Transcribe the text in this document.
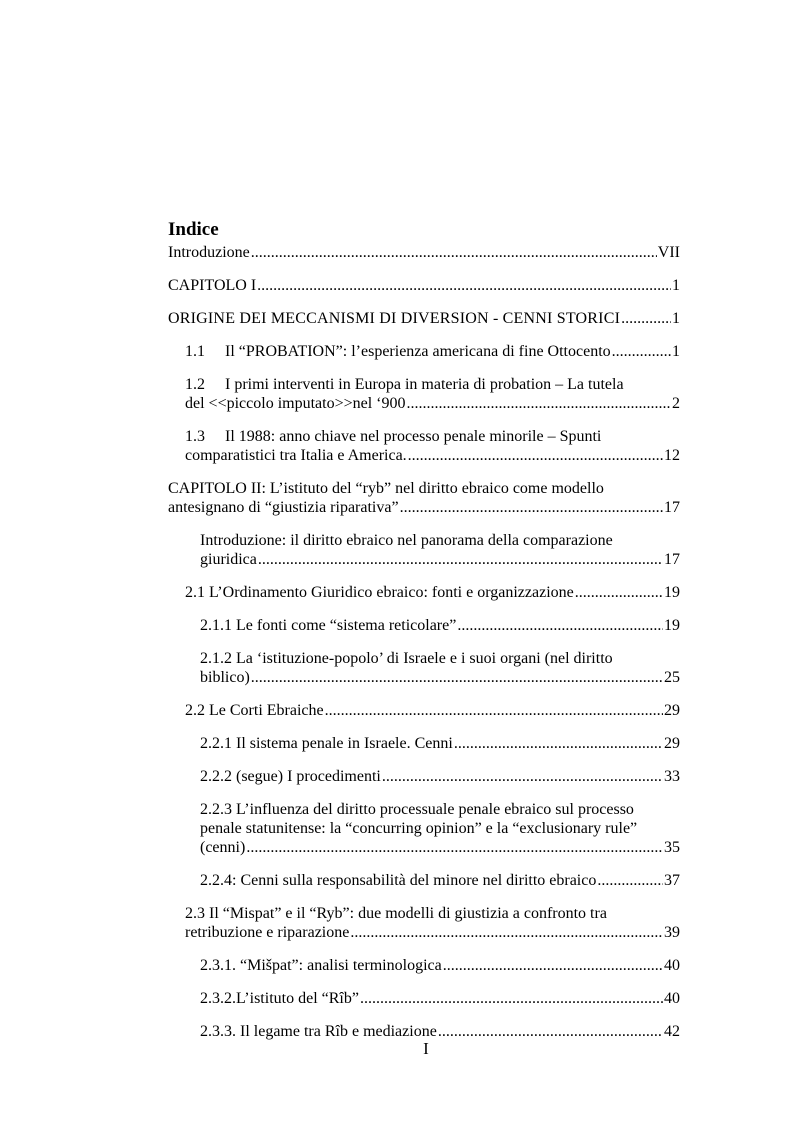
Indice
Introduzione .....	VII
CAPITOLO I .....	1
ORIGINE DEI MECCANISMI DI DIVERSION - CENNI STORICI .....	1
1.1 Il “PROBATION”: l’esperienza americana di fine Ottocento .....	1
1.2 I primi interventi in Europa in materia di probation – La tutela
del <<piccolo imputato>>nel ‘900 .....	2
1.3 Il 1988: anno chiave nel processo penale minorile – Spunti
comparatistici tra Italia e America. .....	12
CAPITOLO II: L’istituto del “ryb” nel diritto ebraico come modello
antesignano di “giustizia riparativa” .....	17
Introduzione: il diritto ebraico nel panorama della comparazione
giuridica .....	17
2.1 L’Ordinamento Giuridico ebraico: fonti e organizzazione .....	19
2.1.1 Le fonti come “sistema reticolare” .....	19
2.1.2 La ‘istituzione-popolo’ di Israele e i suoi organi (nel diritto
biblico) .....	25
2.2 Le Corti Ebraiche .....	29
2.2.1 Il sistema penale in Israele. Cenni .....	29
2.2.2 (segue) I procedimenti .....	33
2.2.3 L’influenza del diritto processuale penale ebraico sul processo
penale statunitense: la “concurring opinion” e la “exclusionary rule”
(cenni) .....	35
2.2.4: Cenni sulla responsabilità del minore nel diritto ebraico .....	37
2.3 Il “Mispat” e il “Ryb”: due modelli di giustizia a confronto tra
retribuzione e riparazione .....	39
2.3.1. “Mišpat”: analisi terminologica .....	40
2.3.2.L’istituto del “Rîb” .....	40
2.3.3. Il legame tra Rîb e mediazione .....	42
I
